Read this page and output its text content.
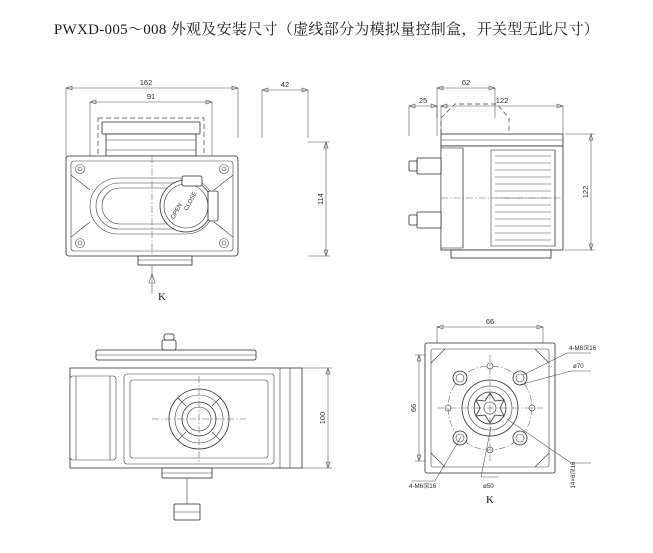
PWXD-005～008 外观及安装尺寸（虚线部分为模拟量控制盒，开关型无此尺寸）
162
91
42
114
OPEN CLOSE
K
62
25	122
122
100
66
66
4-M8深16
ø70
14×6深16
4-M6深16	ø50
K
